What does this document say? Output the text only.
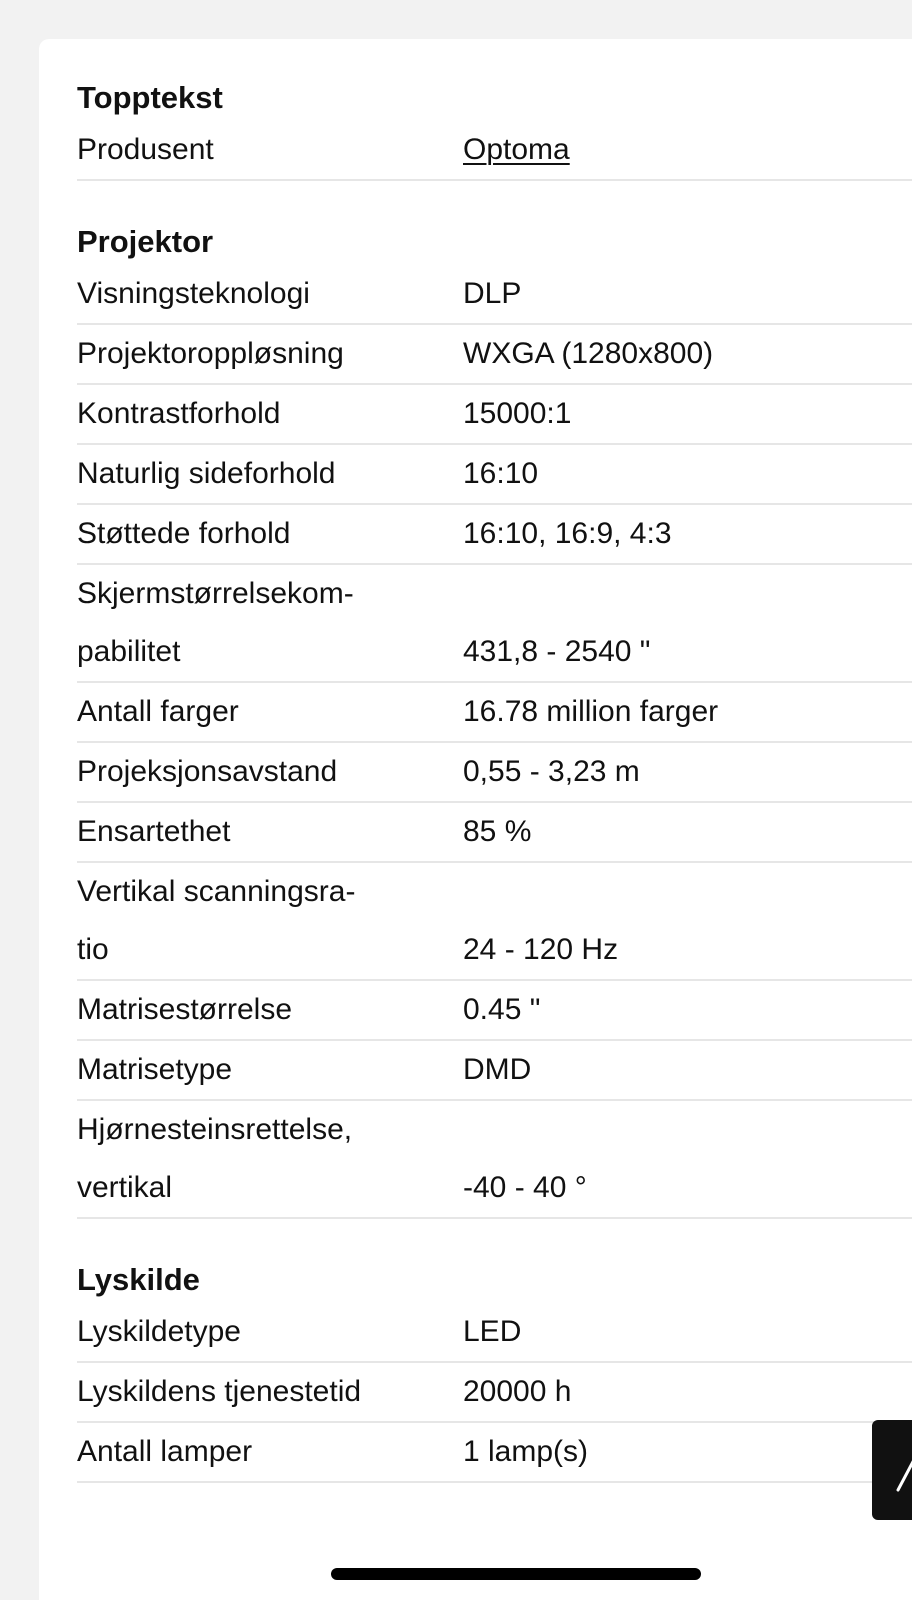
Topptekst
Produsent	Optoma
Projektor
Visningsteknologi	DLP
Projektoroppløsning	WXGA (1280x800)
Kontrastforhold	15000:1
Naturlig sideforhold	16:10
Støttede forhold	16:10, 16:9, 4:3
Skjermstørrelsekom-
pabilitet	431,8 - 2540 "
Antall farger	16.78 million farger
Projeksjonsavstand	0,55 - 3,23 m
Ensartethet	85 %
Vertikal scanningsra-
tio	24 - 120 Hz
Matrisestørrelse	0.45 "
Matrisetype	DMD
Hjørnesteinsrettelse,
vertikal	-40 - 40 °
Lyskilde
Lyskildetype	LED
Lyskildens tjenestetid	20000 h
Antall lamper	1 lamp(s)
